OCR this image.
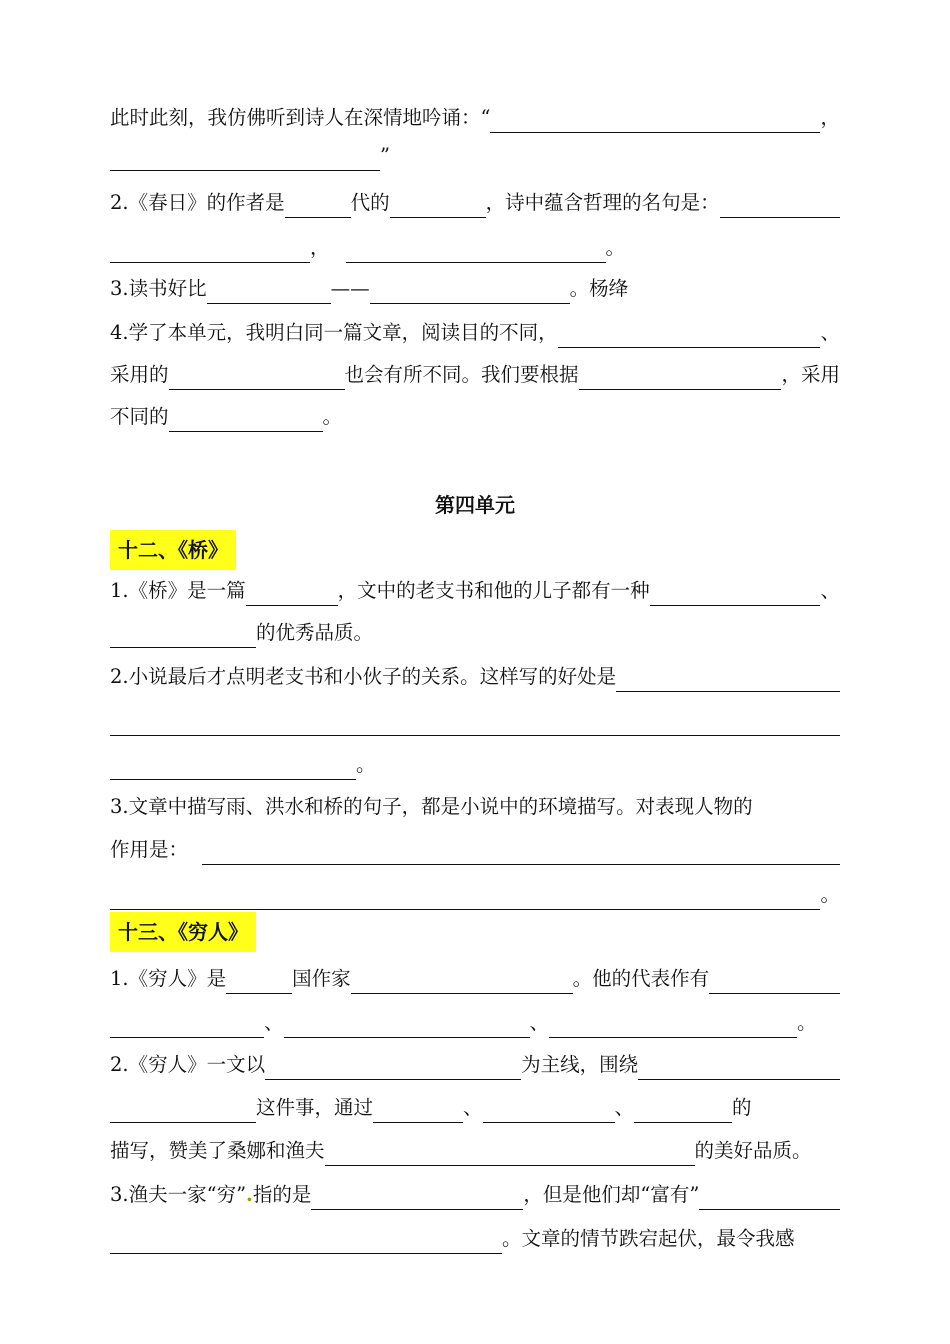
此时此刻，我仿佛听到诗人在深情地吟诵：“	，
”
2.《春日》的作者是	代的	，诗中蕴含哲理的名句是：
，	。
3.读书好比	——	。杨绛
4.学了本单元，我明白同一篇文章，阅读目的不同，	、
采用的	也会有所不同。我们要根据	，采用
不同的	。
第四单元
十二、《桥》
1.《桥》是一篇	，文中的老支书和他的儿子都有一种	、
的优秀品质。
2.小说最后才点明老支书和小伙子的关系。这样写的好处是
。
3.文章中描写雨、洪水和桥的句子，都是小说中的环境描写。对表现人物的
作用是：
。
十三、《穷人》
1.《穷人》是	国作家	。他的代表作有
、	、	。
2.《穷人》一文以	为主线，围绕
这件事，通过	、	、	的
描写，赞美了桑娜和渔夫	的美好品质。
3.渔夫一家“穷” . 指的是	，但是他们却“富有”
。文章的情节跌宕起伏，最令我感
